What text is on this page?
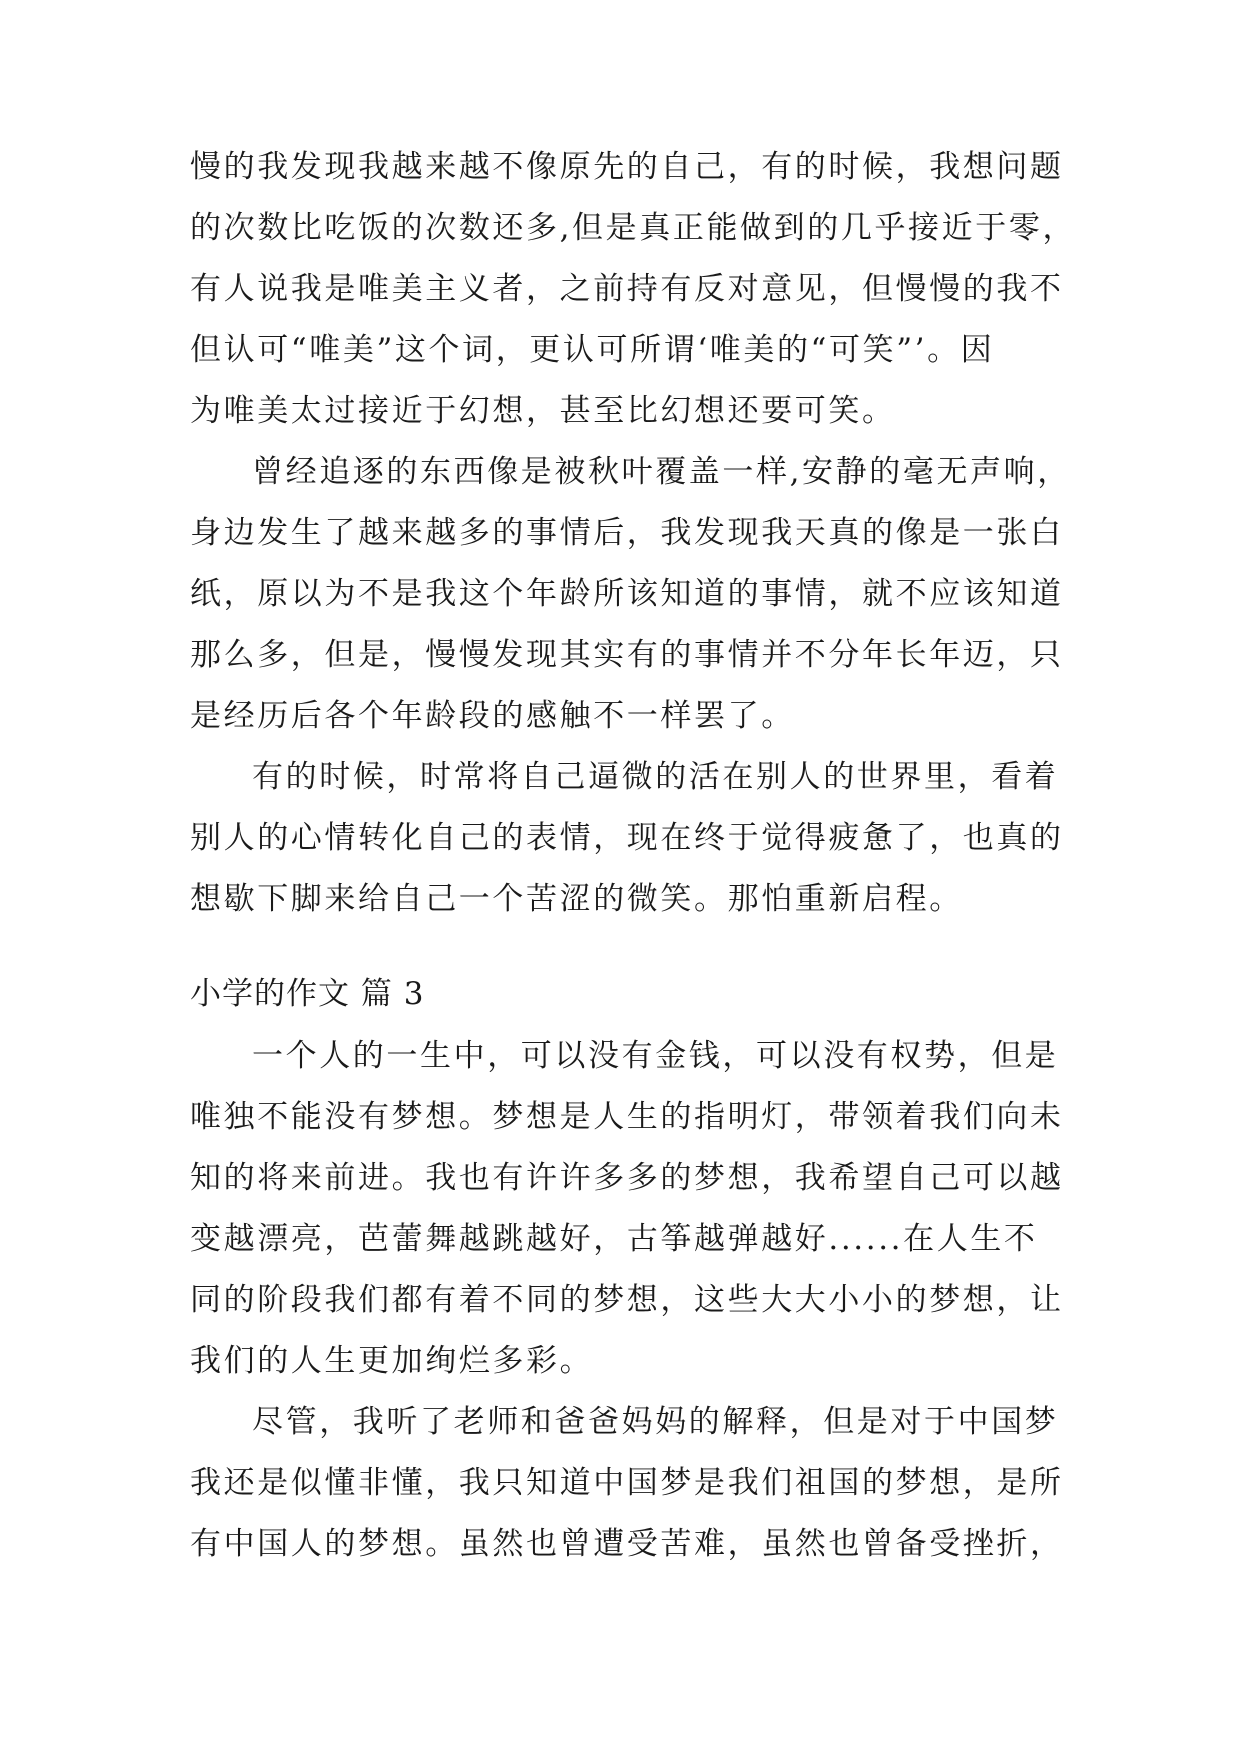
慢的我发现我越来越不像原先的自己，有的时候，我想问题
的次数比吃饭的次数还多,但是真正能做到的几乎接近于零，
有人说我是唯美主义者，之前持有反对意见，但慢慢的我不
但认可“唯美”这个词，更认可所谓‘唯美的“可笑”’。因
为唯美太过接近于幻想，甚至比幻想还要可笑。
曾经追逐的东西像是被秋叶覆盖一样,安静的毫无声响，
身边发生了越来越多的事情后，我发现我天真的像是一张白
纸，原以为不是我这个年龄所该知道的事情，就不应该知道
那么多，但是，慢慢发现其实有的事情并不分年长年迈，只
是经历后各个年龄段的感触不一样罢了。
有的时候，时常将自己逼微的活在别人的世界里，看着
别人的心情转化自己的表情，现在终于觉得疲惫了，也真的
想歇下脚来给自己一个苦涩的微笑。那怕重新启程。
小学的作文 篇 3
一个人的一生中，可以没有金钱，可以没有权势，但是
唯独不能没有梦想。梦想是人生的指明灯，带领着我们向未
知的将来前进。我也有许许多多的梦想，我希望自己可以越
变越漂亮，芭蕾舞越跳越好，古筝越弹越好......在人生不
同的阶段我们都有着不同的梦想，这些大大小小的梦想，让
我们的人生更加绚烂多彩。
尽管，我听了老师和爸爸妈妈的解释，但是对于中国梦
我还是似懂非懂，我只知道中国梦是我们祖国的梦想，是所
有中国人的梦想。虽然也曾遭受苦难，虽然也曾备受挫折，
